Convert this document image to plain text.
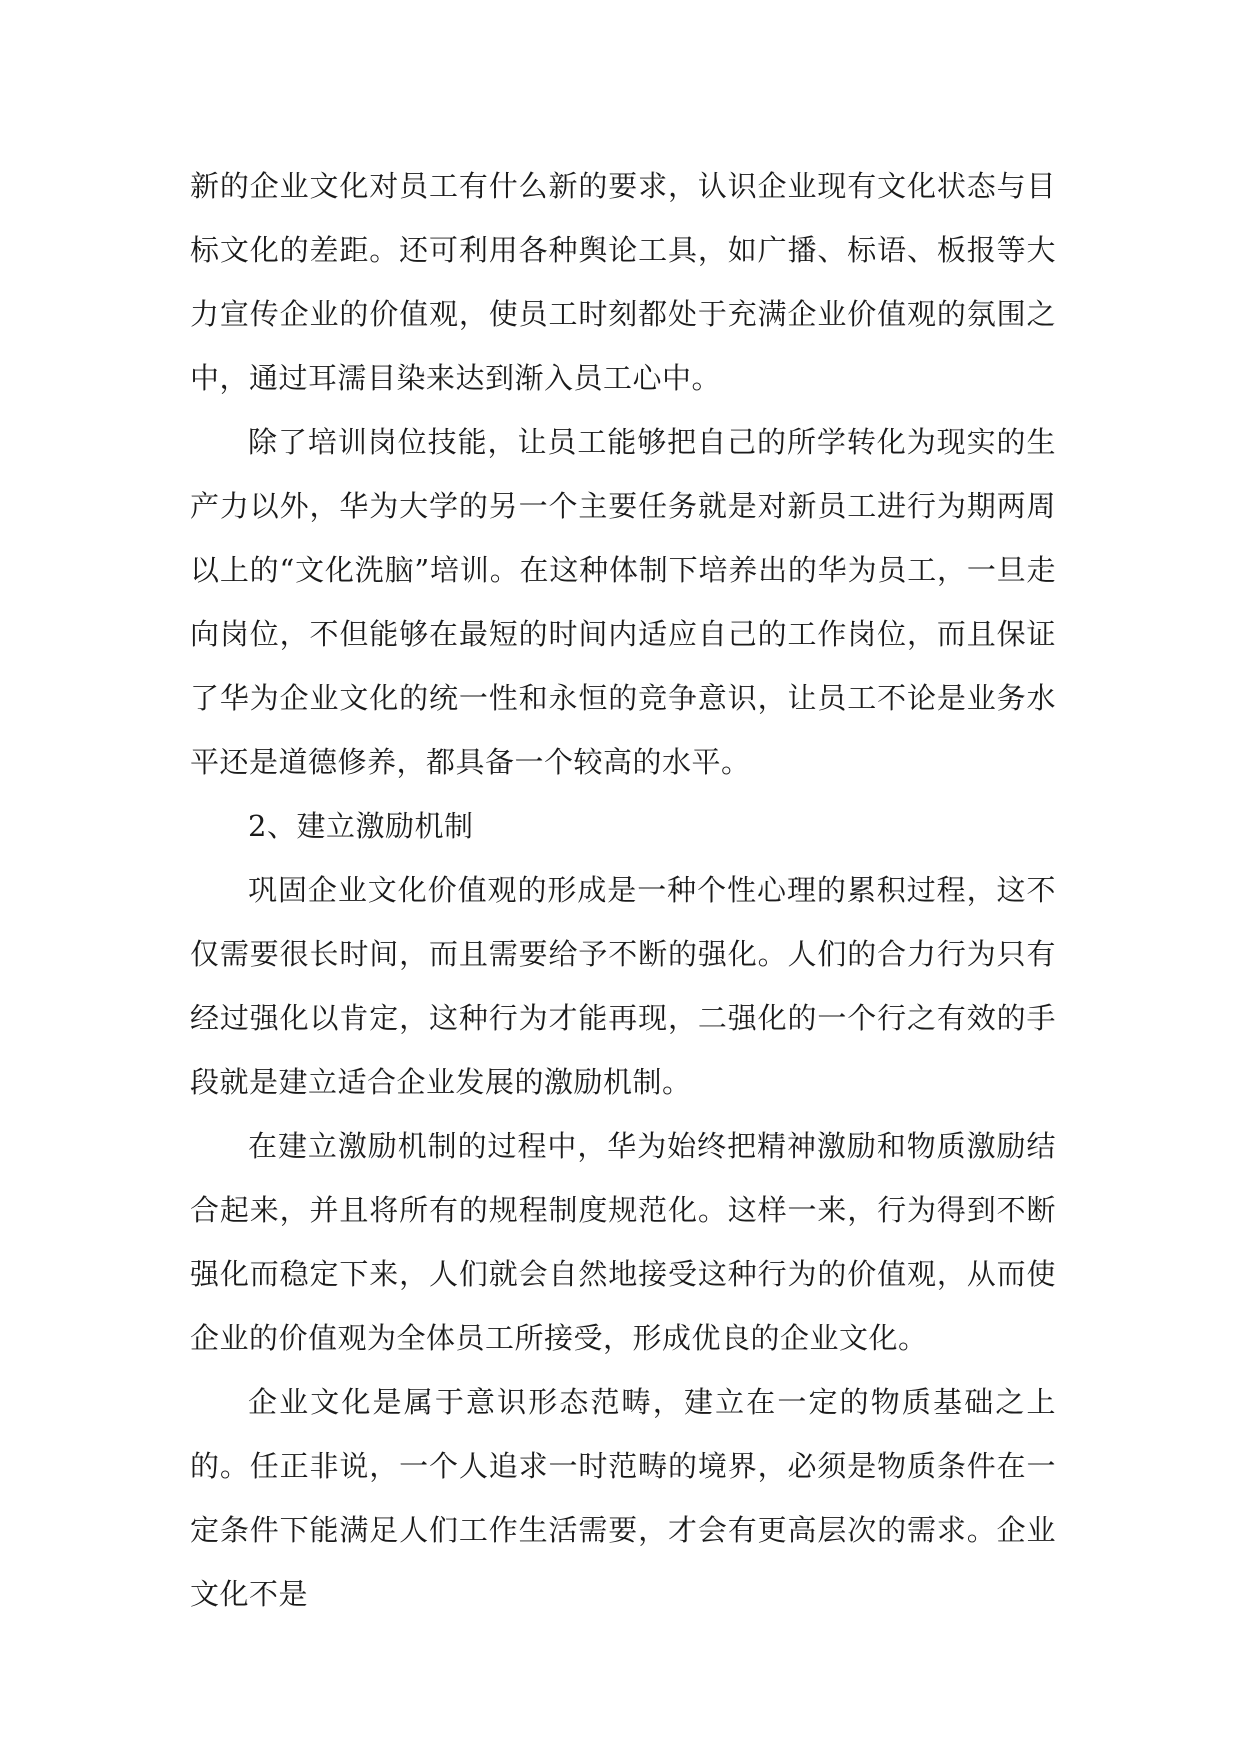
新的企业文化对员工有什么新的要求，认识企业现有文化状态与目标文化的差距。还可利用各种舆论工具，如广播、标语、板报等大力宣传企业的价值观，使员工时刻都处于充满企业价值观的氛围之中，通过耳濡目染来达到渐入员工心中。

除了培训岗位技能，让员工能够把自己的所学转化为现实的生产力以外，华为大学的另一个主要任务就是对新员工进行为期两周以上的“文化洗脑”培训。在这种体制下培养出的华为员工，一旦走向岗位，不但能够在最短的时间内适应自己的工作岗位，而且保证了华为企业文化的统一性和永恒的竞争意识，让员工不论是业务水平还是道德修养，都具备一个较高的水平。

2、建立激励机制

巩固企业文化价值观的形成是一种个性心理的累积过程，这不仅需要很长时间，而且需要给予不断的强化。人们的合力行为只有经过强化以肯定，这种行为才能再现，二强化的一个行之有效的手段就是建立适合企业发展的激励机制。

在建立激励机制的过程中，华为始终把精神激励和物质激励结合起来，并且将所有的规程制度规范化。这样一来，行为得到不断强化而稳定下来，人们就会自然地接受这种行为的价值观，从而使企业的价值观为全体员工所接受，形成优良的企业文化。

企业文化是属于意识形态范畴，建立在一定的物质基础之上的。任正非说，一个人追求一时范畴的境界，必须是物质条件在一定条件下能满足人们工作生活需要，才会有更高层次的需求。企业文化不是
